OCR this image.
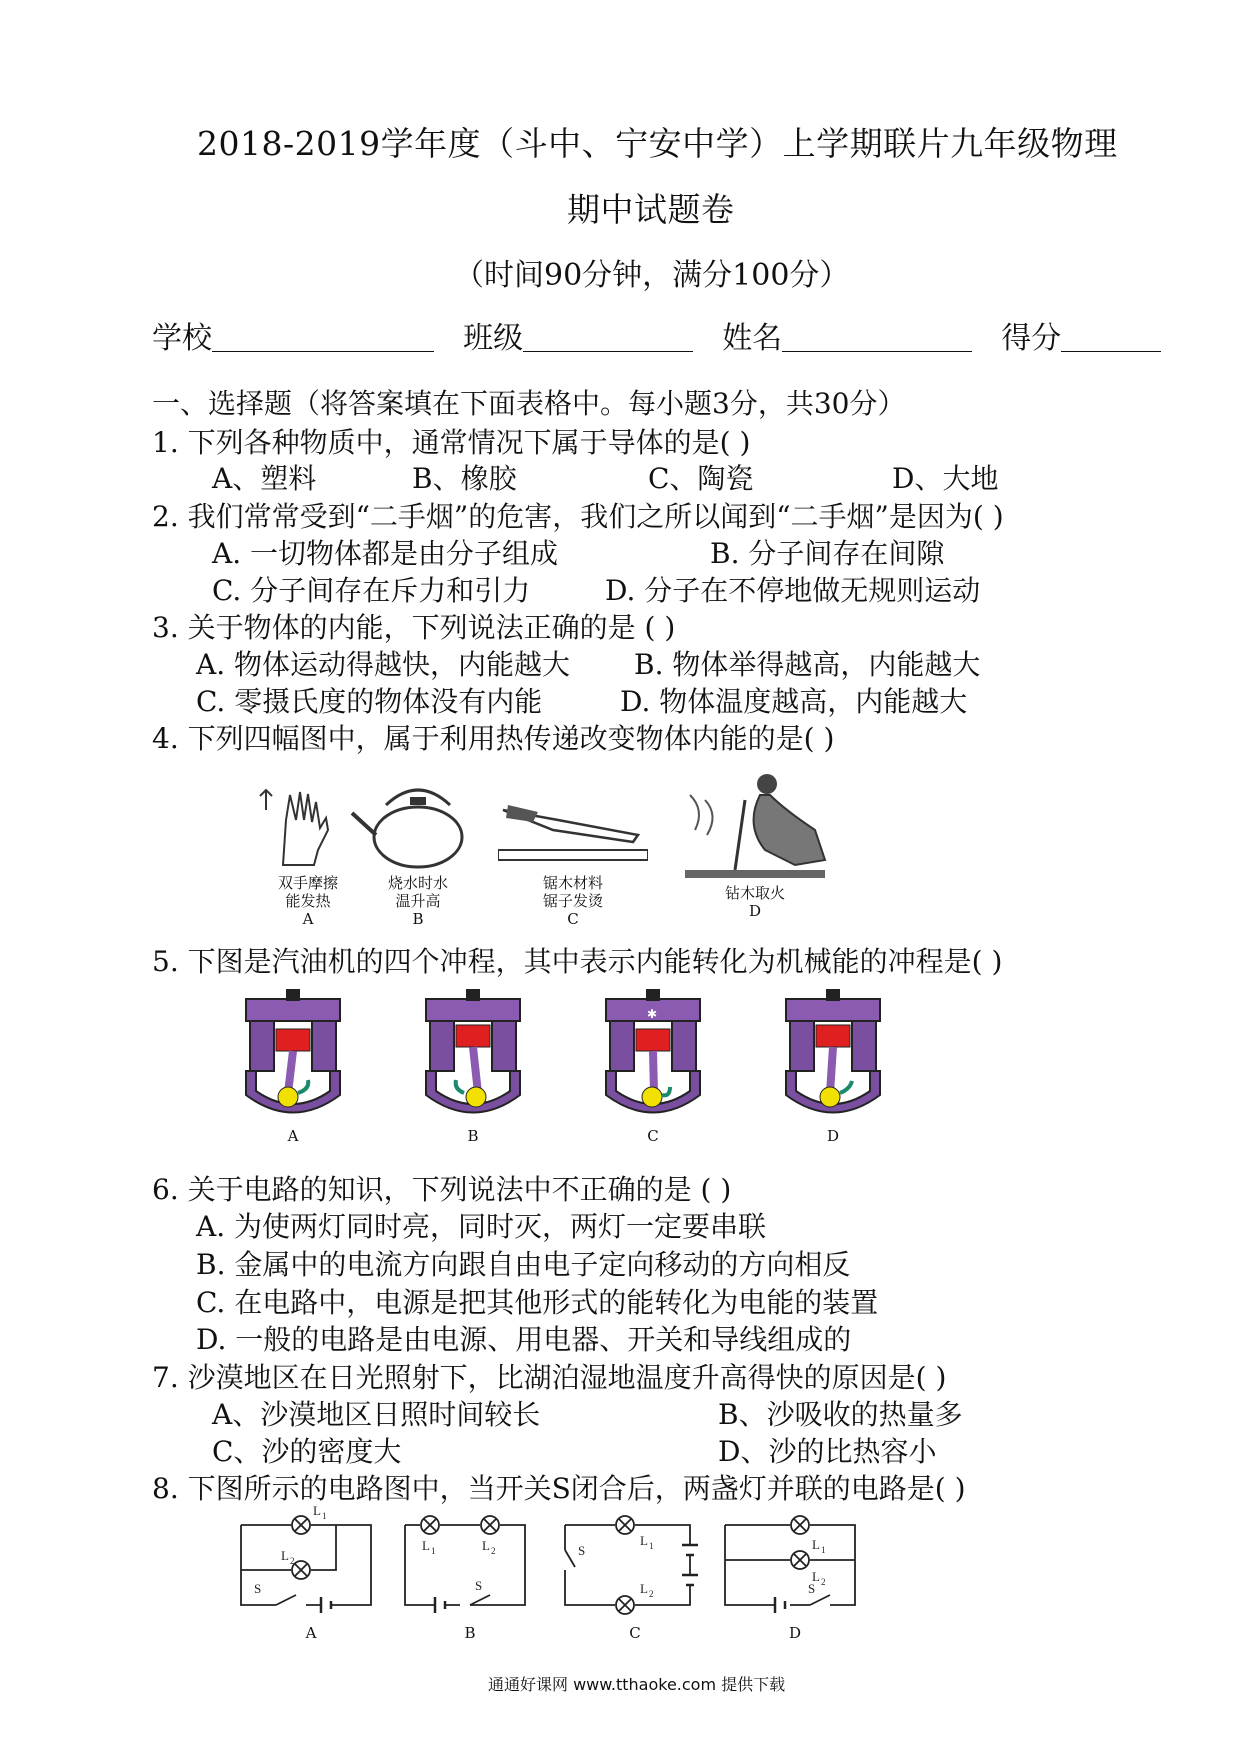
2018-2019学年度（斗中、宁安中学）上学期联片九年级物理
期中试题卷
（时间90分钟，满分100分）
学校	班级	姓名	得分
一、选择题（将答案填在下面表格中。每小题3分，共30分）
1. 下列各种物质中，通常情况下属于导体的是( )
A、塑料	B、橡胶	C、陶瓷	D、大地
2. 我们常常受到“二手烟”的危害，我们之所以闻到“二手烟”是因为( )
A. 一切物体都是由分子组成	B. 分子间存在间隙
C. 分子间存在斥力和引力	D. 分子在不停地做无规则运动
3. 关于物体的内能，下列说法正确的是 ( )
A. 物体运动得越快，内能越大 B. 物体举得越高，内能越大
C. 零摄氏度的物体没有内能	D. 物体温度越高，内能越大
4. 下列四幅图中，属于利用热传递改变物体内能的是( )
双手摩擦
能发热
A
烧水时水
温升高
B
锯木材料
锯子发烫
C
钻木取火
D
5. 下图是汽油机的四个冲程，其中表示内能转化为机械能的冲程是( )
A	B
✱
C	D
6. 关于电路的知识，下列说法中不正确的是 ( )
A. 为使两灯同时亮，同时灭，两灯一定要串联
B. 金属中的电流方向跟自由电子定向移动的方向相反
C. 在电路中，电源是把其他形式的能转化为电能的装置
D. 一般的电路是由电源、用电器、开关和导线组成的
7. 沙漠地区在日光照射下，比湖泊湿地温度升高得快的原因是( )
A、沙漠地区日照时间较长	B、沙吸收的热量多
C、沙的密度大	D、沙的比热容小
8. 下图所示的电路图中，当开关S闭合后，两盏灯并联的电路是( )
L 1
L 2
S
A
L 1	L 2
S
B
L 1
L 2
S
C
L 1
L 2
S
D
通通好课网 www.tthaoke.com 提供下载
